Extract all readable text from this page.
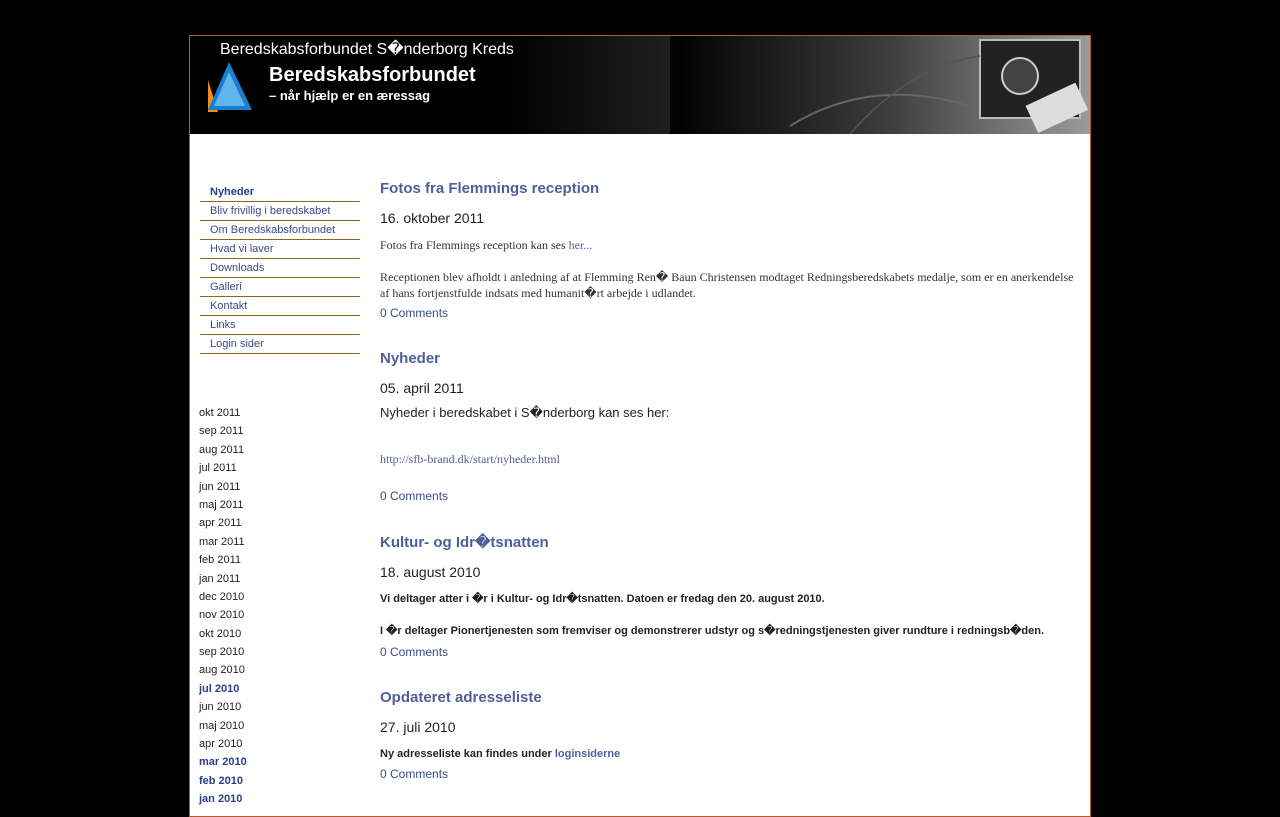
Beredskabsforbundet S�nderborg Kreds
Beredskabsforbundet
– når hjælp er en æressag
Nyheder
Bliv frivillig i beredskabet
Om Beredskabsforbundet
Hvad vi laver
Downloads
Galleri
Kontakt
Links
Login sider
okt 2011
sep 2011
aug 2011
jul 2011
jun 2011
maj 2011
apr 2011
mar 2011
feb 2011
jan 2011
dec 2010
nov 2010
okt 2010
sep 2010
aug 2010
jul 2010
jun 2010
maj 2010
apr 2010
mar 2010
feb 2010
jan 2010
Fotos fra Flemmings reception
16. oktober 2011
Fotos fra Flemmings reception kan ses her...
Receptionen blev afholdt i anledning af at Flemming Ren� Baun Christensen modtaget Redningsberedskabets medalje, som er en anerkendelse af hans fortjenstfulde indsats med humanit�rt arbejde i udlandet.
0 Comments
Nyheder
05. april 2011
Nyheder i beredskabet i S�nderborg kan ses her:
http://sfb-brand.dk/start/nyheder.html
0 Comments
Kultur- og Idr�tsnatten
18. august 2010
Vi deltager atter i �r i Kultur- og Idr�tsnatten. Datoen er fredag den 20. august 2010.
I �r deltager Pionertjenesten som fremviser og demonstrerer udstyr og s�redningstjenesten giver rundture i redningsb�den.
0 Comments
Opdateret adresseliste
27. juli 2010
Ny adresseliste kan findes under loginsiderne
0 Comments
